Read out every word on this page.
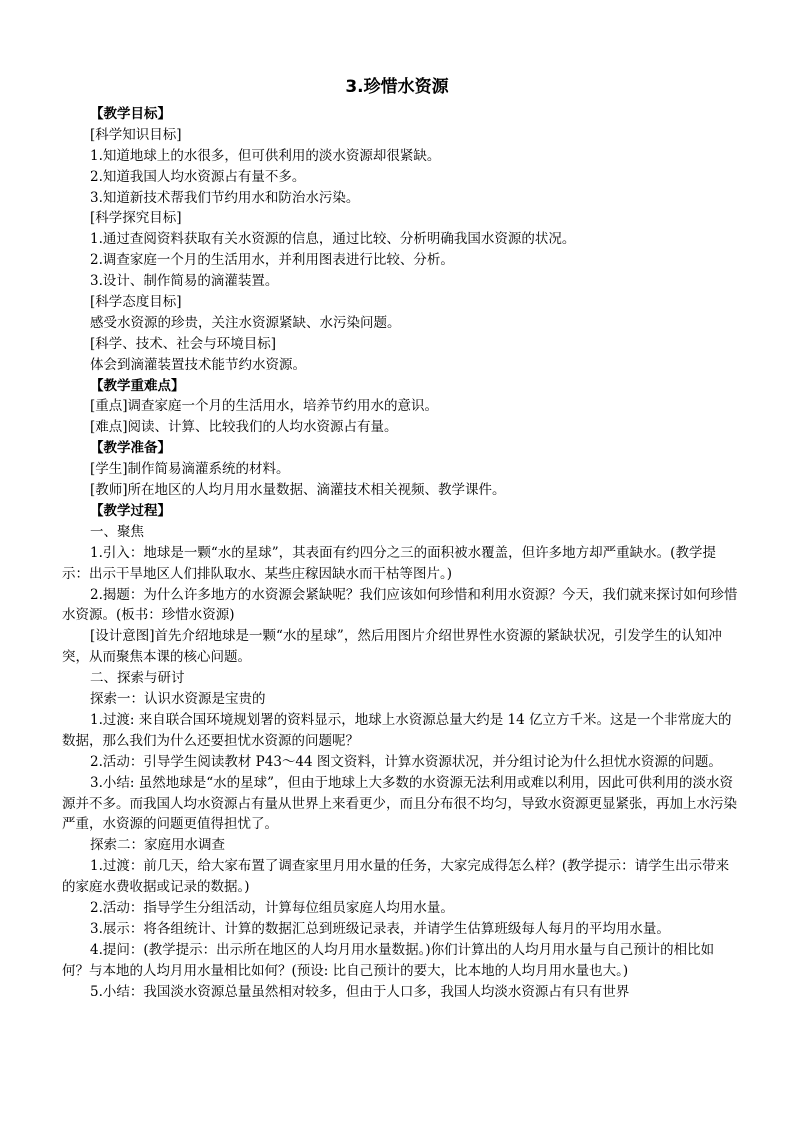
3.珍惜水资源
【教学目标】
[科学知识目标]
1.知道地球上的水很多，但可供利用的淡水资源却很紧缺。
2.知道我国人均水资源占有量不多。
3.知道新技术帮我们节约用水和防治水污染。
[科学探究目标]
1.通过查阅资料获取有关水资源的信息，通过比较、分析明确我国水资源的状况。
2.调查家庭一个月的生活用水，并利用图表进行比较、分析。
3.设计、制作简易的滴灌装置。
[科学态度目标]
感受水资源的珍贵，关注水资源紧缺、水污染问题。
[科学、技术、社会与环境目标]
体会到滴灌装置技术能节约水资源。
【教学重难点】
[重点]调查家庭一个月的生活用水，培养节约用水的意识。
[难点]阅读、计算、比较我们的人均水资源占有量。
【教学准备】
[学生]制作简易滴灌系统的材料。
[教师]所在地区的人均月用水量数据、滴灌技术相关视频、教学课件。
【教学过程】
一、聚焦
1.引入：地球是一颗“水的星球”，其表面有约四分之三的面积被水覆盖，但许多地方却严重缺水。(教学提示：出示干旱地区人们排队取水、某些庄稼因缺水而干枯等图片。)
2.揭题：为什么许多地方的水资源会紧缺呢？我们应该如何珍惜和利用水资源？今天，我们就来探讨如何珍惜水资源。(板书：珍惜水资源)
[设计意图]首先介绍地球是一颗“水的星球”，然后用图片介绍世界性水资源的紧缺状况，引发学生的认知冲突，从而聚焦本课的核心问题。
二、探索与研讨
探索一：认识水资源是宝贵的
1.过渡: 来自联合国环境规划署的资料显示，地球上水资源总量大约是 14 亿立方千米。这是一个非常庞大的数据，那么我们为什么还要担忧水资源的问题呢？
2.活动：引导学生阅读教材 P43～44 图文资料，计算水资源状况，并分组讨论为什么担忧水资源的问题。
3.小结: 虽然地球是“水的星球”，但由于地球上大多数的水资源无法利用或难以利用，因此可供利用的淡水资源并不多。而我国人均水资源占有量从世界上来看更少，而且分布很不均匀，导致水资源更显紧张，再加上水污染严重，水资源的问题更值得担忧了。
探索二：家庭用水调查
1.过渡：前几天，给大家布置了调查家里月用水量的任务，大家完成得怎么样？(教学提示：请学生出示带来的家庭水费收据或记录的数据。)
2.活动：指导学生分组活动，计算每位组员家庭人均用水量。
3.展示：将各组统计、计算的数据汇总到班级记录表，并请学生估算班级每人每月的平均用水量。
4.提问：(教学提示：出示所在地区的人均月用水量数据。)你们计算出的人均月用水量与自己预计的相比如何？与本地的人均月用水量相比如何？(预设: 比自己预计的要大，比本地的人均月用水量也大。)
5.小结：我国淡水资源总量虽然相对较多，但由于人口多，我国人均淡水资源占有只有世界
